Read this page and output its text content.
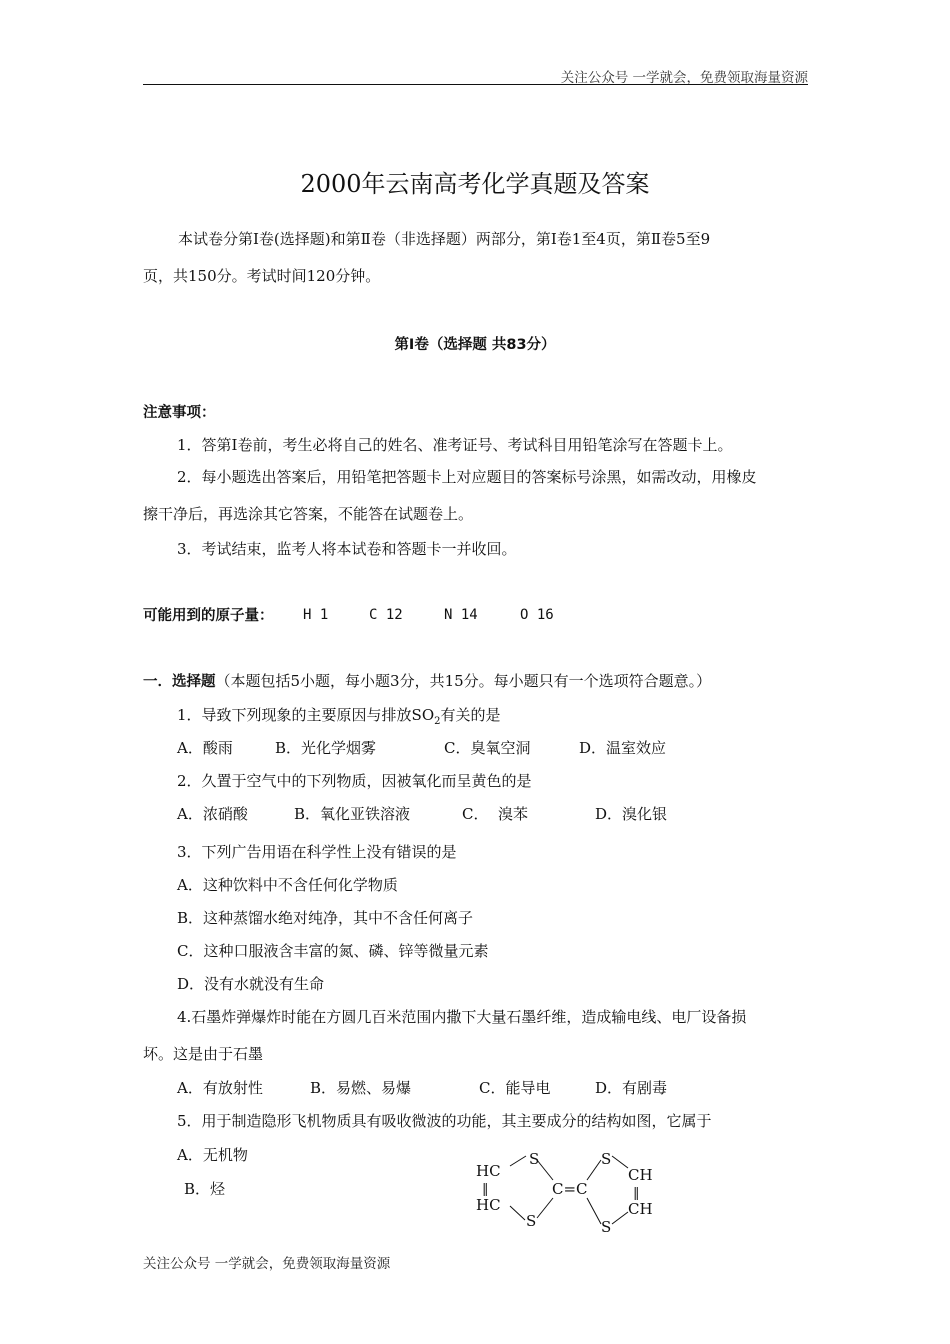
关注公众号 一学就会，免费领取海量资源
2000年云南高考化学真题及答案
本试卷分第Ⅰ卷(选择题)和第Ⅱ卷（非选择题）两部分，第Ⅰ卷1至4页，第Ⅱ卷5至9
页，共150分。考试时间120分钟。
第Ⅰ卷（选择题 共83分）
注意事项：
1．答第Ⅰ卷前，考生必将自己的姓名、准考证号、考试科目用铅笔涂写在答题卡上。
2．每小题选出答案后，用铅笔把答题卡上对应题目的答案标号涂黑，如需改动，用橡皮
擦干净后，再选涂其它答案，不能答在试题卷上。
3．考试结束，监考人将本试卷和答题卡一并收回。
可能用到的原子量： H 1	C 12	N 14	O 16
一．选择题（本题包括5小题，每小题3分，共15分。每小题只有一个选项符合题意。）
1．导致下列现象的主要原因与排放$SO_2$有关的是
A．酸雨	B．光化学烟雾	C．臭氧空洞	D．温室效应
2．久置于空气中的下列物质，因被氧化而呈黄色的是
A．浓硝酸	B．氧化亚铁溶液	C．  溴苯	D．溴化银
3．下列广告用语在科学性上没有错误的是
A．这种饮料中不含任何化学物质
B．这种蒸馏水绝对纯净，其中不含任何离子
C．这种口服液含丰富的氮、磷、锌等微量元素
D．没有水就没有生命
4.石墨炸弹爆炸时能在方圆几百米范围内撒下大量石墨纤维，造成输电线、电厂设备损
坏。这是由于石墨
A．有放射性	B．易燃、易爆	C．能导电	D．有剧毒
5．用于制造隐形飞机物质具有吸收微波的功能，其主要成分的结构如图，它属于
A．无机物
B．烃
HC
HC
‖
S
S
C=C
S
S
CH
CH
‖
关注公众号 一学就会，免费领取海量资源
